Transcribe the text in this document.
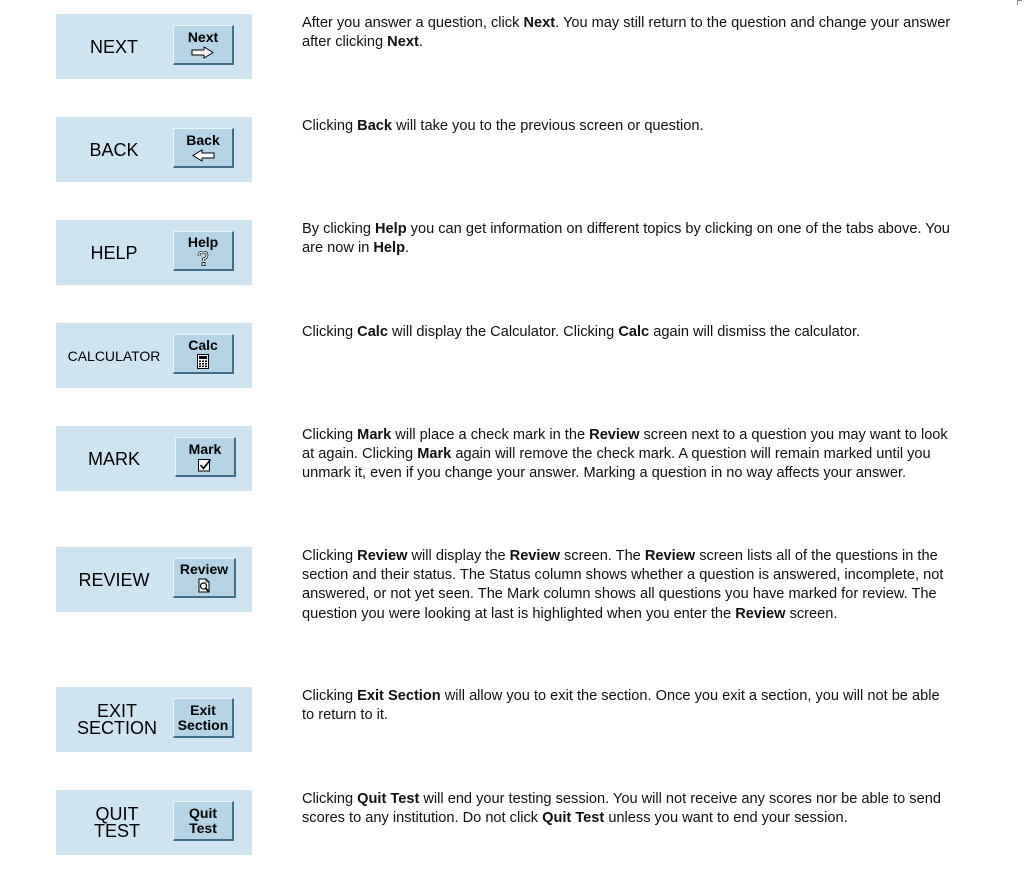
NEXT	Next
After you answer a question, click Next. You may still return to the question and change your answer after clicking Next.
BACK	Back
Clicking Back will take you to the previous screen or question.
HELP
Help
By clicking Help you can get information on different topics by clicking on one of the tabs above. You are now in Help.
CALCULATOR
Calc
Clicking Calc will display the Calculator. Clicking Calc again will dismiss the calculator.
MARK	Mark
Clicking Mark will place a check mark in the Review screen next to a question you may want to look at again. Clicking Mark again will remove the check mark. A question will remain marked until you unmark it, even if you change your answer. Marking a question in no way affects your answer.
REVIEW
Review
Clicking Review will display the Review screen. The Review screen lists all of the questions in the section and their status. The Status column shows whether a question is answered, incomplete, not answered, or not yet seen. The Mark column shows all questions you have marked for review. The question you were looking at last is highlighted when you enter the Review screen.
EXIT
SECTION
Exit
Section
Clicking Exit Section will allow you to exit the section. Once you exit a section, you will not be able to return to it.
QUIT
TEST
Quit
Test
Clicking Quit Test will end your testing session. You will not receive any scores nor be able to send scores to any institution. Do not click Quit Test unless you want to end your session.
